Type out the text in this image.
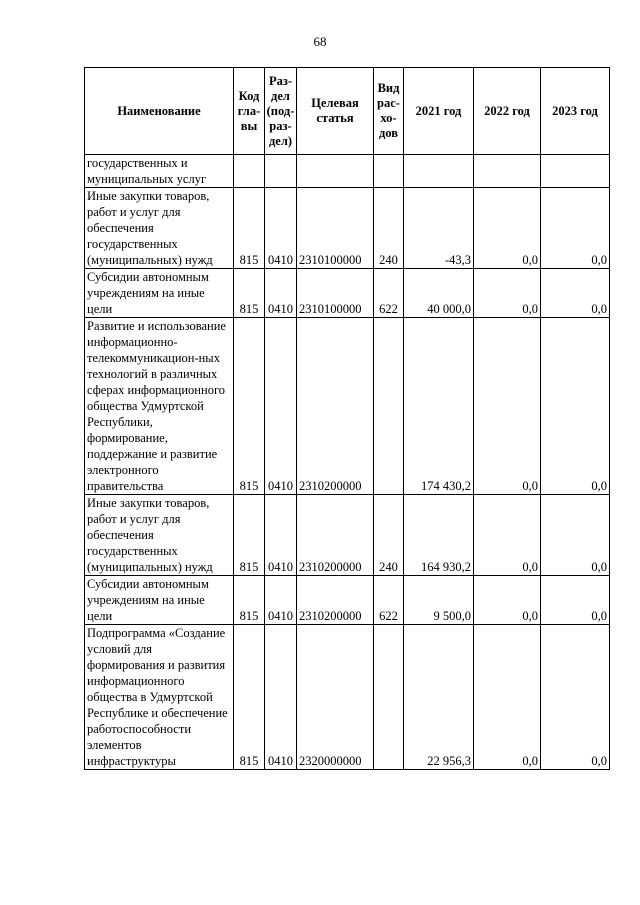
68
Наименование	Код гла- вы	Раз- дел (под- раз- дел)	Целевая статья	Вид рас- хо- дов	2021 год	2022 год	2023 год
государственных и муниципальных услуг							
Иные закупки товаров, работ и услуг для обеспечения государственных (муниципальных) нужд	815	0410	2310100000	240	-43,3	0,0	0,0
Субсидии автономным учреждениям на иные цели	815	0410	2310100000	622	40 000,0	0,0	0,0
Развитие и использование информационно-телекоммуникацион-ных технологий в различных сферах информационного общества Удмуртской Республики, формирование, поддержание и развитие электронного правительства	815	0410	2310200000		174 430,2	0,0	0,0
Иные закупки товаров, работ и услуг для обеспечения государственных (муниципальных) нужд	815	0410	2310200000	240	164 930,2	0,0	0,0
Субсидии автономным учреждениям на иные цели	815	0410	2310200000	622	9 500,0	0,0	0,0
Подпрограмма «Создание условий для формирования и развития информационного общества в Удмуртской Республике и обеспечение работоспособности элементов инфраструктуры	815	0410	2320000000		22 956,3	0,0	0,0
